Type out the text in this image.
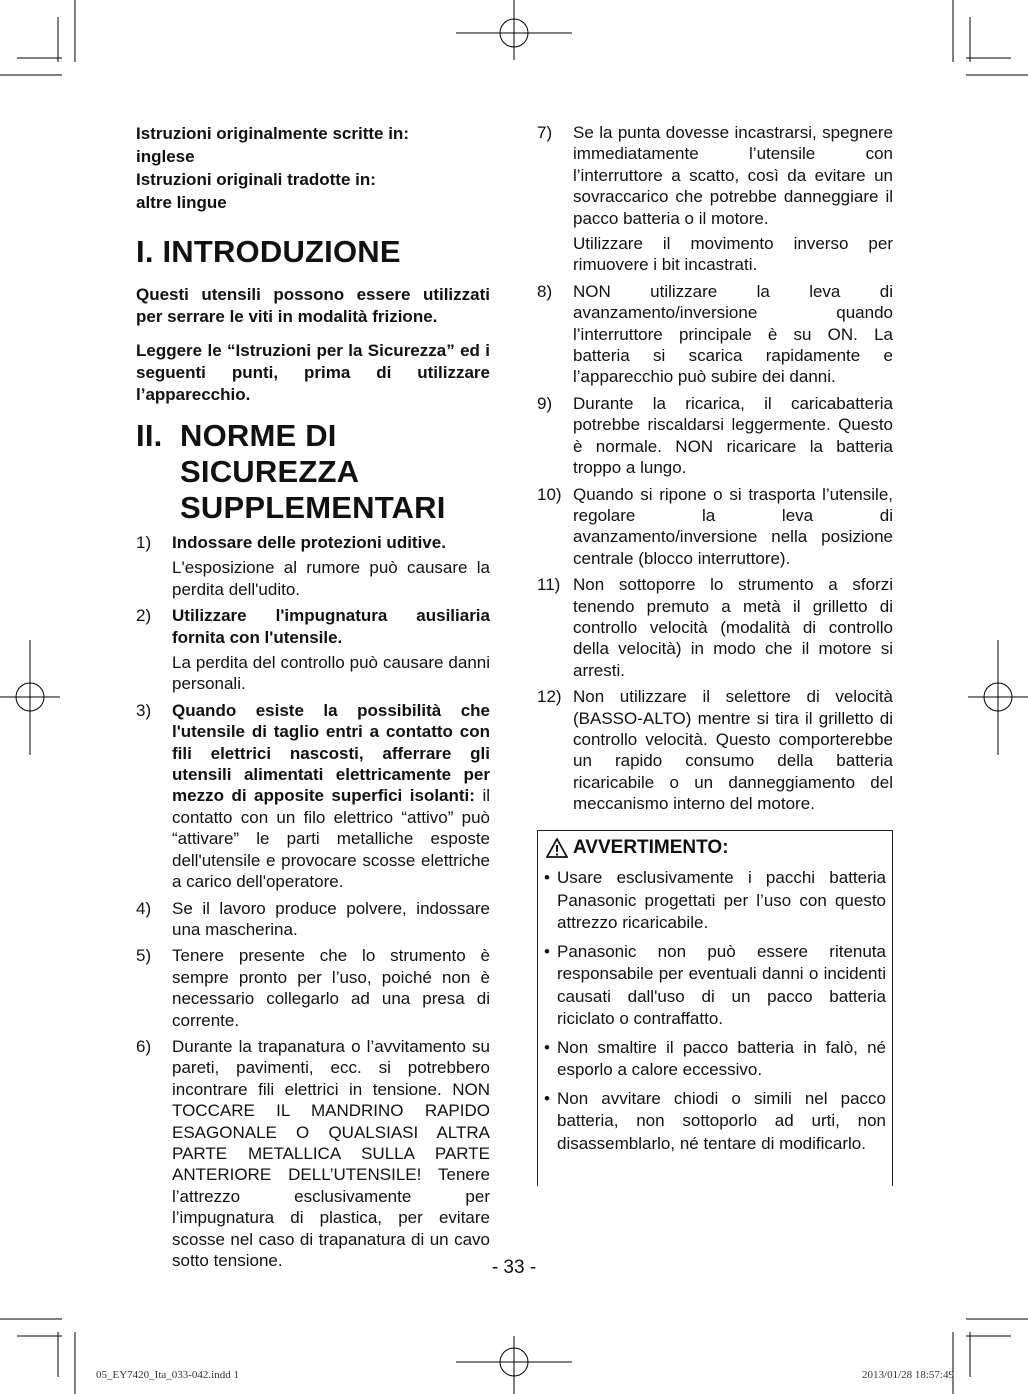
Istruzioni originalmente scritte in:
inglese
Istruzioni originali tradotte in:
altre lingue
I. INTRODUZIONE

Questi utensili possono essere utilizzati per serrare le viti in modalità frizione.

Leggere le “Istruzioni per la Sicurezza” ed i seguenti punti, prima di utilizzare l’apparecchio.

II. NORME DI
SICUREZZA
SUPPLEMENTARI
1)	Indossare delle protezioni uditive.

L'esposizione al rumore può causare la perdita dell'udito.

2)	Utilizzare l'impugnatura ausiliaria fornita con l'utensile.

La perdita del controllo può causare danni personali.

3)	Quando esiste la possibilità che l'utensile di taglio entri a contatto con fili elettrici nascosti, afferrare gli utensili alimentati elettricamente per mezzo di apposite superfici isolanti: il contatto con un filo elettrico “attivo” può “attivare” le parti metalliche esposte dell'utensile e provocare scosse elettriche a carico dell'operatore.

4)	Se il lavoro produce polvere, indossare una mascherina.

5)	Tenere presente che lo strumento è sempre pronto per l’uso, poiché non è necessario collegarlo ad una presa di corrente.

6)	Durante la trapanatura o l’avvitamento su pareti, pavimenti, ecc. si potrebbero incontrare fili elettrici in tensione. NON TOCCARE IL MANDRINO RAPIDO ESAGONALE O QUALSIASI ALTRA PARTE METALLICA SULLA PARTE ANTERIORE DELL’UTENSILE! Tenere l’attrezzo esclusivamente per l’impugnatura di plastica, per evitare scosse nel caso di trapanatura di un cavo sotto tensione.

7)	Se la punta dovesse incastrarsi, spegnere immediatamente l’utensile con l’interruttore a scatto, così da evitare un sovraccarico che potrebbe danneggiare il pacco batteria o il motore.

Utilizzare il movimento inverso per rimuovere i bit incastrati.

8)	NON utilizzare la leva di avanzamento/inversione quando l’interruttore principale è su ON. La batteria si scarica rapidamente e l’apparecchio può subire dei danni.

9)	Durante la ricarica, il caricabatteria potrebbe riscaldarsi leggermente. Questo è normale. NON ricaricare la batteria troppo a lungo.

10) Quando si ripone o si trasporta l’utensile, regolare la leva di avanzamento/inversione nella posizione centrale (blocco interruttore).

11) Non sottoporre lo strumento a sforzi tenendo premuto a metà il grilletto di controllo velocità (modalità di controllo della velocità) in modo che il motore si arresti.

12) Non utilizzare il selettore di velocità (BASSO-ALTO) mentre si tira il grilletto di controllo velocità. Questo comporterebbe un rapido consumo della batteria ricaricabile o un danneggiamento del meccanismo interno del motore.

AVVERTIMENTO:
• Usare esclusivamente i pacchi batteria Panasonic progettati per l’uso con questo attrezzo ricaricabile.
• Panasonic non può essere ritenuta responsabile per eventuali danni o incidenti causati dall'uso di un pacco batteria riciclato o contraffatto.
• Non smaltire il pacco batteria in falò, né esporlo a calore eccessivo.
• Non avvitare chiodi o simili nel pacco batteria, non sottoporlo ad urti, non disassemblarlo, né tentare di modificarlo.
- 33 -
05_EY7420_Ita_033-042.indd 1	2013/01/28 18:57:49
